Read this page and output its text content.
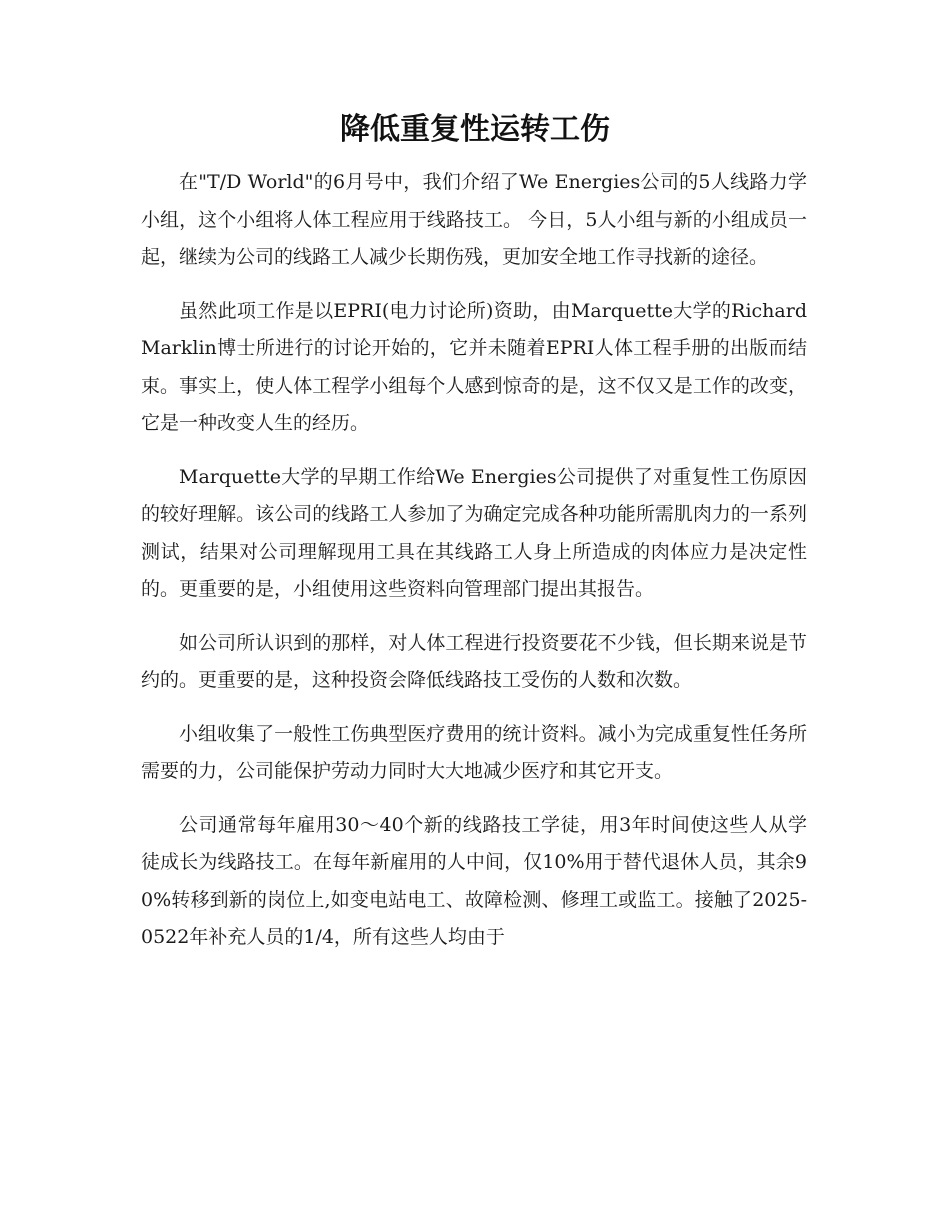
降低重复性运转工伤

在"T/D World"的6月号中，我们介绍了We Energies公司的5人线路力学小组，这个小组将人体工程应用于线路技工。 今日，5人小组与新的小组成员一起，继续为公司的线路工人减少长期伤残，更加安全地工作寻找新的途径。

虽然此项工作是以EPRI(电力讨论所)资助，由Marquette大学的Richard Marklin博士所进行的讨论开始的，它并未随着EPRI人体工程手册的出版而结束。事实上，使人体工程学小组每个人感到惊奇的是，这不仅又是工作的改变，它是一种改变人生的经历。

Marquette大学的早期工作给We Energies公司提供了对重复性工伤原因的较好理解。该公司的线路工人参加了为确定完成各种功能所需肌肉力的一系列测试，结果对公司理解现用工具在其线路工人身上所造成的肉体应力是决定性的。更重要的是，小组使用这些资料向管理部门提出其报告。

如公司所认识到的那样，对人体工程进行投资要花不少钱，但长期来说是节约的。更重要的是，这种投资会降低线路技工受伤的人数和次数。

小组收集了一般性工伤典型医疗费用的统计资料。减小为完成重复性任务所需要的力，公司能保护劳动力同时大大地减少医疗和其它开支。

公司通常每年雇用30～40个新的线路技工学徒，用3年时间使这些人从学徒成长为线路技工。在每年新雇用的人中间，仅10%用于替代退休人员，其余90%转移到新的岗位上,如变电站电工、故障检测、修理工或监工。接触了2025-0522年补充人员的1/4，所有这些人均由于
